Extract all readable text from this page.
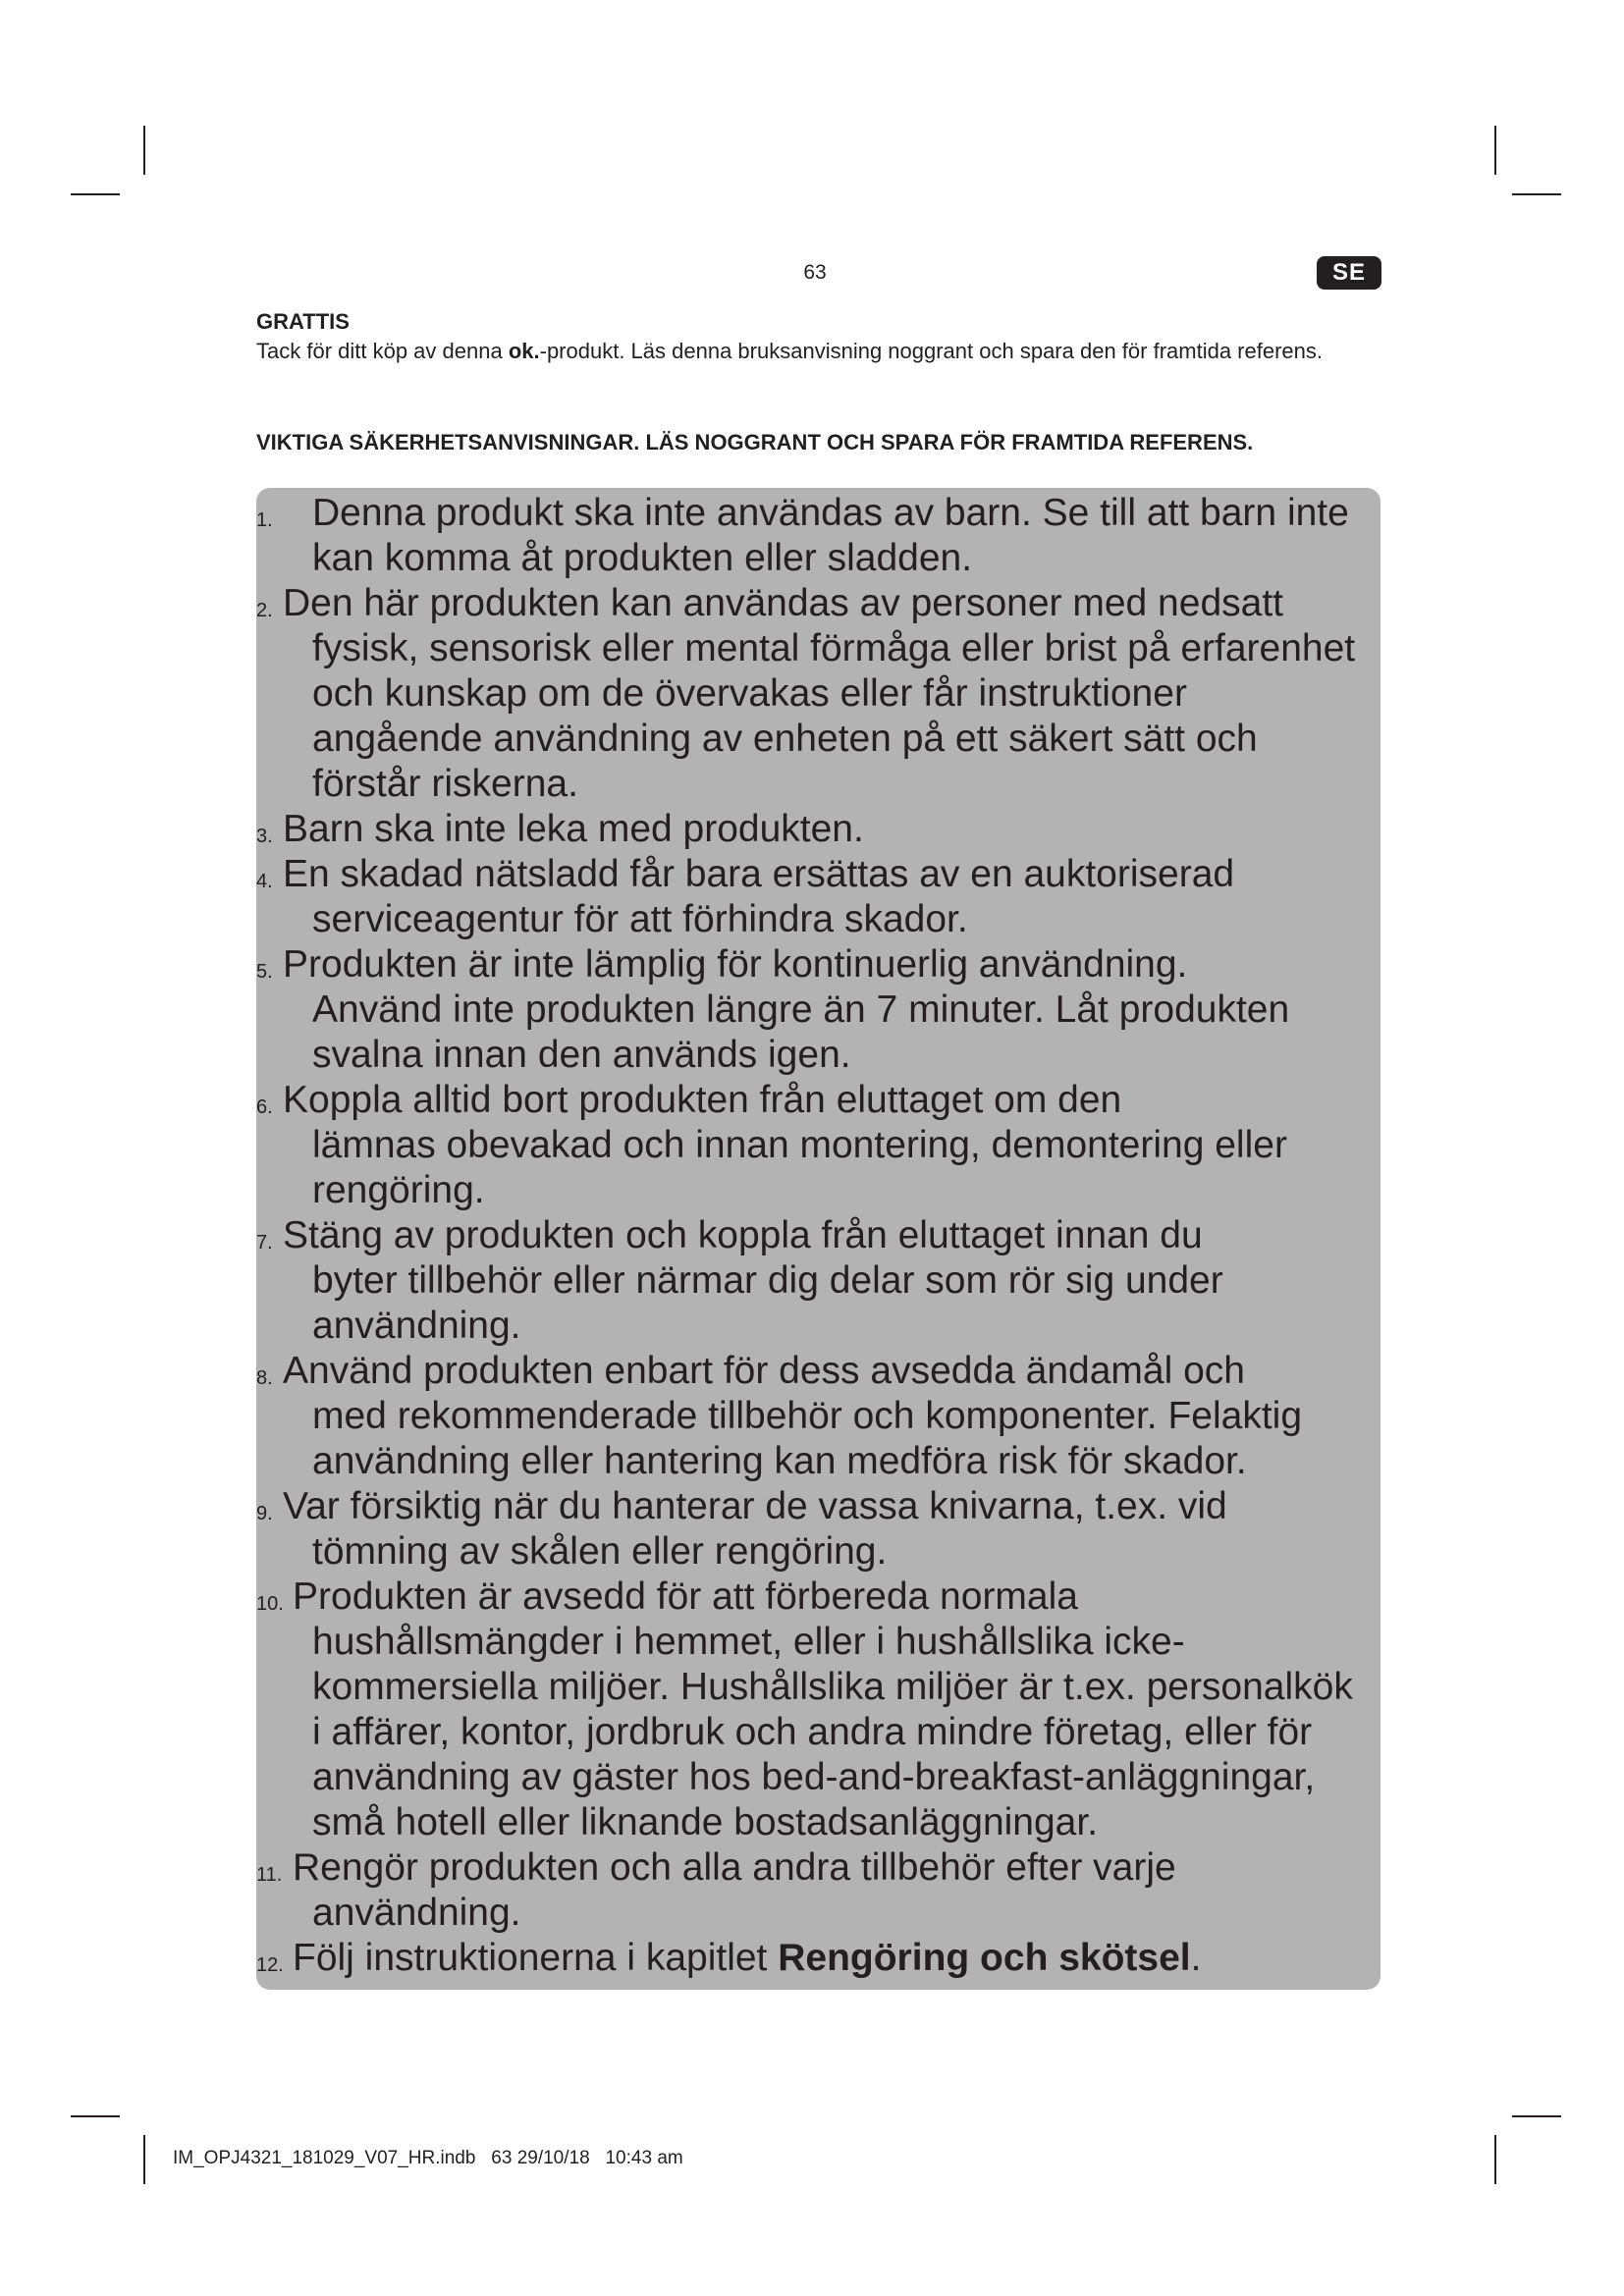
63	SE
GRATTIS
Tack för ditt köp av denna ok.-produkt. Läs denna bruksanvisning noggrant och spara den för framtida referens.
VIKTIGA SÄKERHETSANVISNINGAR. LÄS NOGGRANT OCH SPARA FÖR FRAMTIDA REFERENS.
1. Denna produkt ska inte användas av barn. Se till att barn inte
kan komma åt produkten eller sladden.
2. Den här produkten kan användas av personer med nedsatt
fysisk, sensorisk eller mental förmåga eller brist på erfarenhet
och kunskap om de övervakas eller får instruktioner
angående användning av enheten på ett säkert sätt och
förstår riskerna.
3. Barn ska inte leka med produkten.
4. En skadad nätsladd får bara ersättas av en auktoriserad
serviceagentur för att förhindra skador.
5. Produkten är inte lämplig för kontinuerlig användning.
Använd inte produkten längre än 7 minuter. Låt produkten
svalna innan den används igen.
6. Koppla alltid bort produkten från eluttaget om den
lämnas obevakad och innan montering, demontering eller
rengöring.
7. Stäng av produkten och koppla från eluttaget innan du
byter tillbehör eller närmar dig delar som rör sig under
användning.
8. Använd produkten enbart för dess avsedda ändamål och
med rekommenderade tillbehör och komponenter. Felaktig
användning eller hantering kan medföra risk för skador.
9. Var försiktig när du hanterar de vassa knivarna, t.ex. vid
tömning av skålen eller rengöring.
10. Produkten är avsedd för att förbereda normala
hushållsmängder i hemmet, eller i hushållslika icke-
kommersiella miljöer. Hushållslika miljöer är t.ex. personalkök
i affärer, kontor, jordbruk och andra mindre företag, eller för
användning av gäster hos bed-and-breakfast-anläggningar,
små hotell eller liknande bostadsanläggningar.
11. Rengör produkten och alla andra tillbehör efter varje
användning.
12. Följ instruktionerna i kapitlet Rengöring och skötsel.
IM_OPJ4321_181029_V07_HR.indb   63 29/10/18   10:43 am
